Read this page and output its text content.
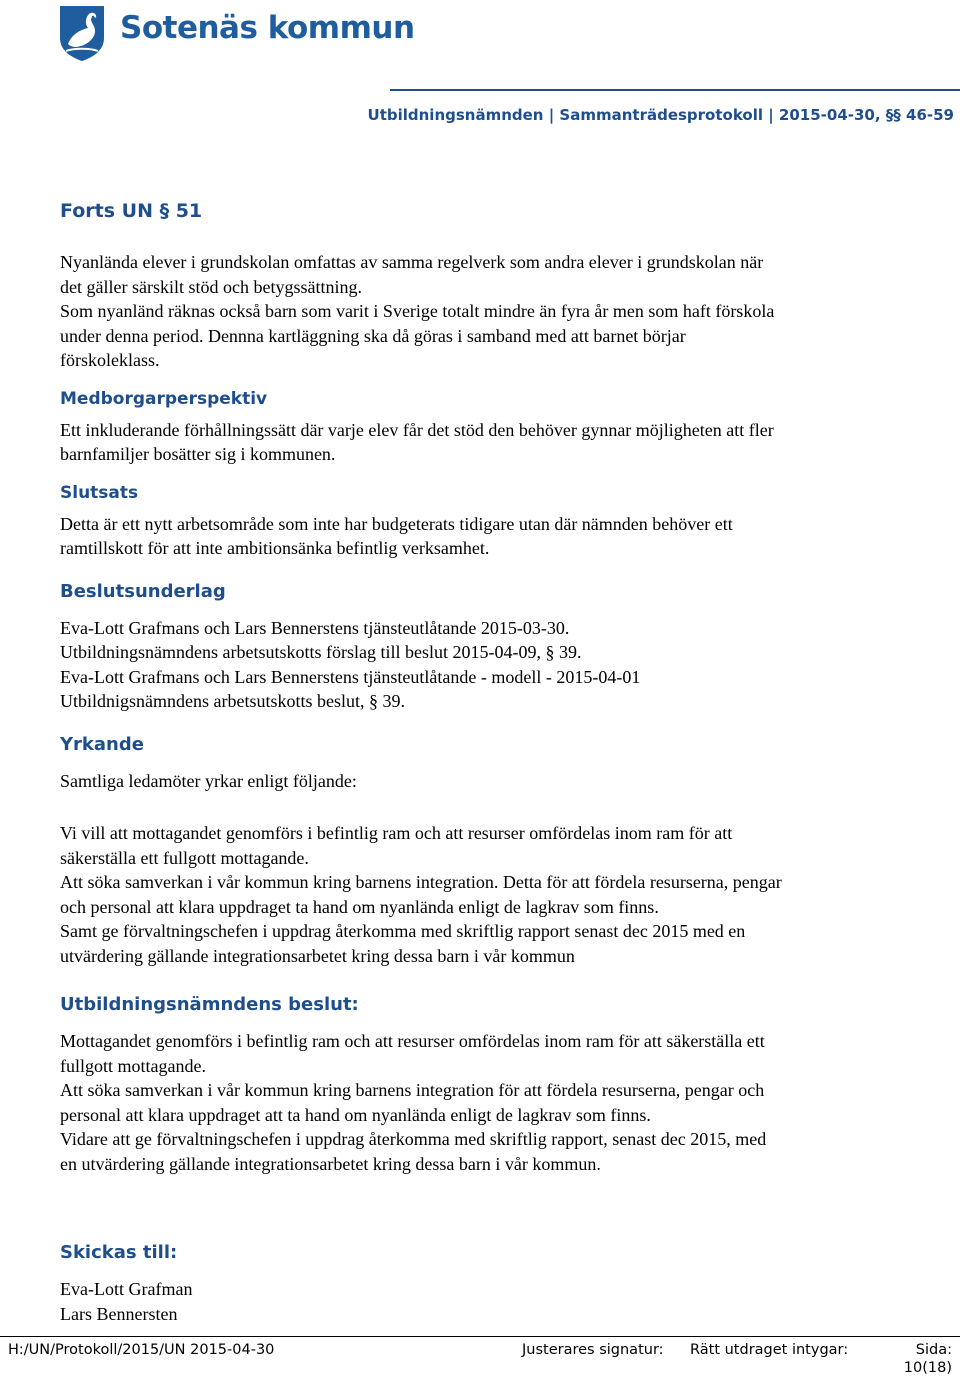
Sotenäs kommun
Utbildningsnämnden | Sammanträdesprotokoll | 2015-04-30, §§ 46-59
Forts UN § 51

Nyanlända elever i grundskolan omfattas av samma regelverk som andra elever i grundskolan när

det gäller särskilt stöd och betygssättning.

Som nyanländ räknas också barn som varit i Sverige totalt mindre än fyra år men som haft förskola

under denna period. Dennna kartläggning ska då göras i samband med att barnet börjar

förskoleklass.

Medborgarperspektiv

Ett inkluderande förhållningssätt där varje elev får det stöd den behöver gynnar möjligheten att fler

barnfamiljer bosätter sig i kommunen.

Slutsats

Detta är ett nytt arbetsområde som inte har budgeterats tidigare utan där nämnden behöver ett

ramtillskott för att inte ambitionsänka befintlig verksamhet.

Beslutsunderlag

Eva-Lott Grafmans och Lars Bennerstens tjänsteutlåtande 2015-03-30.

Utbildningsnämndens arbetsutskotts förslag till beslut 2015-04-09, § 39.

Eva-Lott Grafmans och Lars Bennerstens tjänsteutlåtande - modell - 2015-04-01

Utbildnigsnämndens arbetsutskotts beslut, § 39.

Yrkande

Samtliga ledamöter yrkar enligt följande:

Vi vill att mottagandet genomförs i befintlig ram och att resurser omfördelas inom ram för att

säkerställa ett fullgott mottagande.

Att söka samverkan i vår kommun kring barnens integration. Detta för att fördela resurserna, pengar

och personal att klara uppdraget ta hand om nyanlända enligt de lagkrav som finns.

Samt ge förvaltningschefen i uppdrag återkomma med skriftlig rapport senast dec 2015 med en

utvärdering gällande integrationsarbetet kring dessa barn i vår kommun

Utbildningsnämndens beslut:

Mottagandet genomförs i befintlig ram och att resurser omfördelas inom ram för att säkerställa ett

fullgott mottagande.

Att söka samverkan i vår kommun kring barnens integration för att fördela resurserna, pengar och

personal att klara uppdraget att ta hand om nyanlända enligt de lagkrav som finns.

Vidare att ge förvaltningschefen i uppdrag återkomma med skriftlig rapport, senast dec 2015, med

en utvärdering gällande integrationsarbetet kring dessa barn i vår kommun.

Skickas till:

Eva-Lott Grafman

Lars Bennersten

H:/UN/Protokoll/2015/UN 2015-04-30	Justerares signatur: Rätt utdraget intygar:	Sida:
10(18)
